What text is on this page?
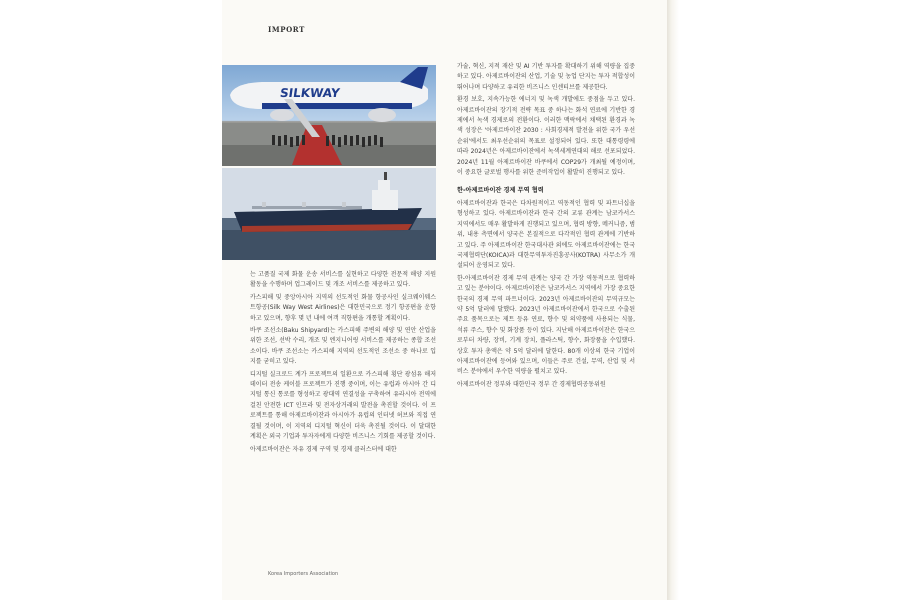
IMPORT
SILKWAY

는 고품질 국제 화물 운송 서비스를 실현하고 다양한 전문적 해양 지원 활동을 수행하며 업그레이드 및 개조 서비스를 제공하고 있다.

카스피해 및 중앙아시아 지역의 선도적인 화물 항공사인 실크웨이웨스트항공(Silk Way West Airlines)은 대한민국으로 정기 항공편을 운항하고 있으며, 향후 몇 년 내에 여객 직항편을 개통할 계획이다.

바쿠 조선소(Baku Shipyard)는 카스피해 주변의 해양 및 연안 산업을 위한 조선, 선박 수리, 개조 및 엔지니어링 서비스를 제공하는 종합 조선소이다. 바쿠 조선소는 카스피해 지역의 선도적인 조선소 중 하나로 입지를 굳히고 있다.

디지털 실크로드 계가 프로젝트의 일환으로 카스피해 횡단 광섬유 해저 데이터 전송 케이블 프로젝트가 진행 중이며, 이는 유럽과 아시아 간 디지털 통신 통로를 형성하고 광대역 연결성을 구축하여 유라시아 전역에 걸친 안전한 ICT 인프라 및 전자상거래의 발전을 촉진할 것이다. 이 프로젝트를 통해 아제르바이잔과 아시아가 유럽의 인터넷 허브와 직접 연결될 것이며, 이 지역의 디지털 혁신이 더욱 촉진될 것이다. 이 달대한 계획은 외국 기업과 투자자에게 다양한 비즈니스 기회를 제공할 것이다.

아제르바이잔은 자유 경제 구역 및 경제 클러스터에 대한

가술, 혁신, 지적 재산 및 AI 기반 투자를 확대하기 위해 역량을 집중하고 있다. 아제르바이잔의 산업, 기술 및 농업 단지는 투자 적합성이 뛰어나며 다양하고 유리한 비즈니스 인센티브를 제공한다.

환경 보호, 지속가능한 에너지 및 녹색 개발에도 중점을 두고 있다. 아제르바이잔의 장기적 전략 목표 중 하나는 화석 연료에 기반한 경제에서 녹색 경제로의 전환이다. 이러한 맥락에서 채택된 환경과 녹색 성장은 '아제르바이잔 2030 : 사회경제적 발전을 위한 국가 우선순위'에서도 최우선순위의 목표로 설정되어 있다. 또한 대통령령에 따라 2024년은 아제르바이잔에서 녹색세계연대의 해로 선포되었다. 2024년 11월 아제르바이잔 바쿠에서 COP29가 개최될 예정이며, 이 중요한 글로벌 행사를 위한 준비작업이 활발히 진행되고 있다.

한-아제르바이잔 경제 무역 협력

아제르바이잔과 한국은 다차원적이고 역동적인 협력 및 파트너십을 형성하고 있다. 아제르바이잔과 한국 간의 교류 관계는 남코카서스 지역에서도 매우 활발하게 진행되고 있으며, 협력 방향, 메커니즘, 범위, 내용 측면에서 양국은 본질적으로 다각적인 협력 관계에 기반하고 있다. 주 아제르바이잔 한국대사관 외에도 아제르바이잔에는 한국국제협력단(KOICA)과 대한무역투자진흥공사(KOTRA) 사무소가 개설되어 운영되고 있다.

한-아제르바이잔 경제 무역 관계는 양국 간 가장 역동적으로 협력하고 있는 분야이다. 아제르바이잔은 남코카서스 지역에서 가장 중요한 한국의 경제 무역 파트너이다. 2023년 아제르바이잔의 무역규모는 약 5억 달러에 달했다. 2023년 아제르바이잔에서 한국으로 수출된 주요 품목으로는 제트 등유 연료, 향수 및 의약품에 사용되는 식물, 석류 주스, 향수 및 화장품 등이 있다. 지난해 아제르바이잔은 한국으로부터 차량, 장비, 기계 장치, 플라스틱, 향수, 화장품을 수입했다. 상호 투자 총액은 약 5억 달러에 달한다. 80개 이상의 한국 기업이 아제르바이잔에 등여와 있으며, 이들은 주로 건설, 무역, 산업 및 서비스 분야에서 우수한 역량을 펼치고 있다.

아제르바이잔 정부와 대한민국 정부 간 경제협력공동위원

Korea Importers Association
